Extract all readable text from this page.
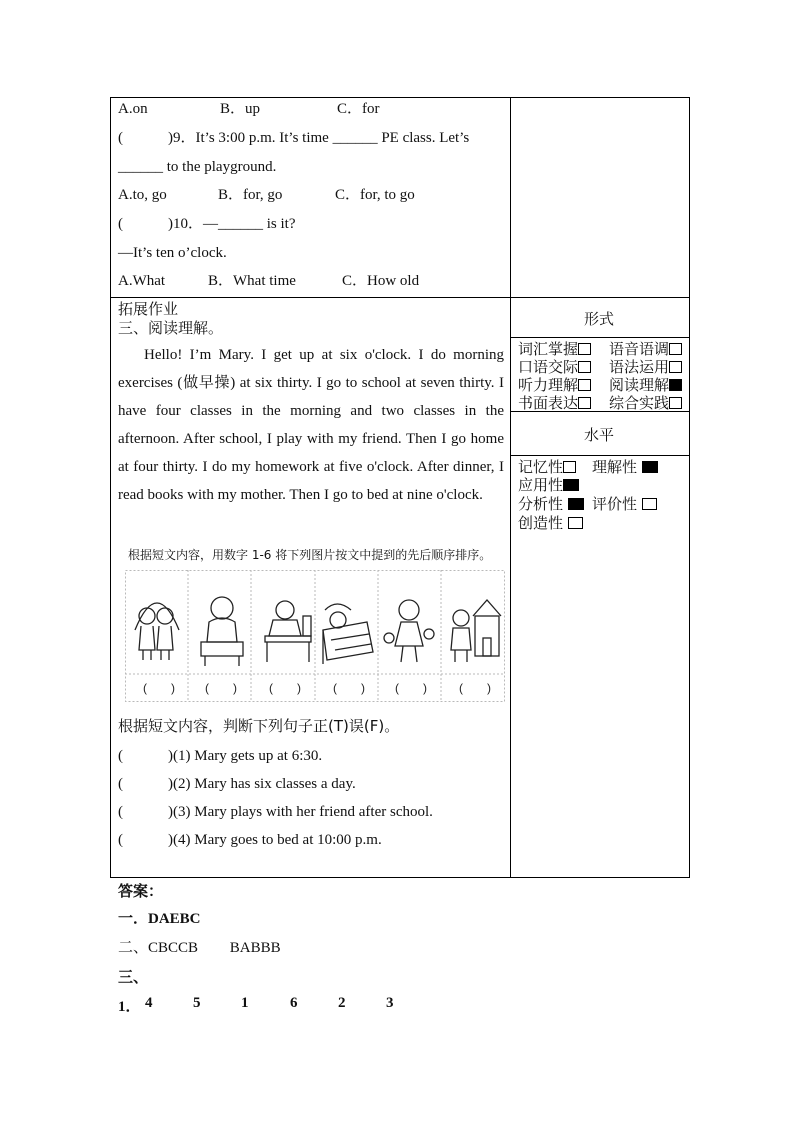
A.on	B．up	C．for
(　　　)9．It’s 3:00 p.m. It’s time ______ PE class. Let’s
______ to the playground.
A.to, go	B．for, go	C．for, to go
(　　　)10．—______ is it?
—It’s ten o’clock.
A.What	B．What time	C．How old
拓展作业
三、阅读理解。
Hello! I’m Mary. I get up at six o'clock. I do morning exercises (做早操) at six thirty. I go to school at seven thirty. I have four classes in the morning and two classes in the afternoon. After school, I play with my friend. Then I go home at four thirty. I do my homework at five o'clock. After dinner, I read books with my mother. Then I go to bed at nine o'clock.
根据短文内容，用数字 1-6 将下列图片按文中提到的先后顺序排序。
(　　)	(　　)	(　　)	(　　)	(　　)	(　　)
根据短文内容，判断下列句子正(T)误(F)。
(　　　)(1) Mary gets up at 6:30.
(　　　)(2) Mary has six classes a day.
(　　　)(3) Mary plays with her friend after school.
(　　　)(4) Mary goes to bed at 10:00 p.m.
形式
词汇掌握	语音语调
口语交际	语法运用
听力理解	阅读理解
书面表达	综合实践
水平
记忆性	理解性
应用性
分析性	评价性
创造性
答案：
一．DAEBC
二、CBCCB BABBB
三、
1． 4	5	1	6	2	3
